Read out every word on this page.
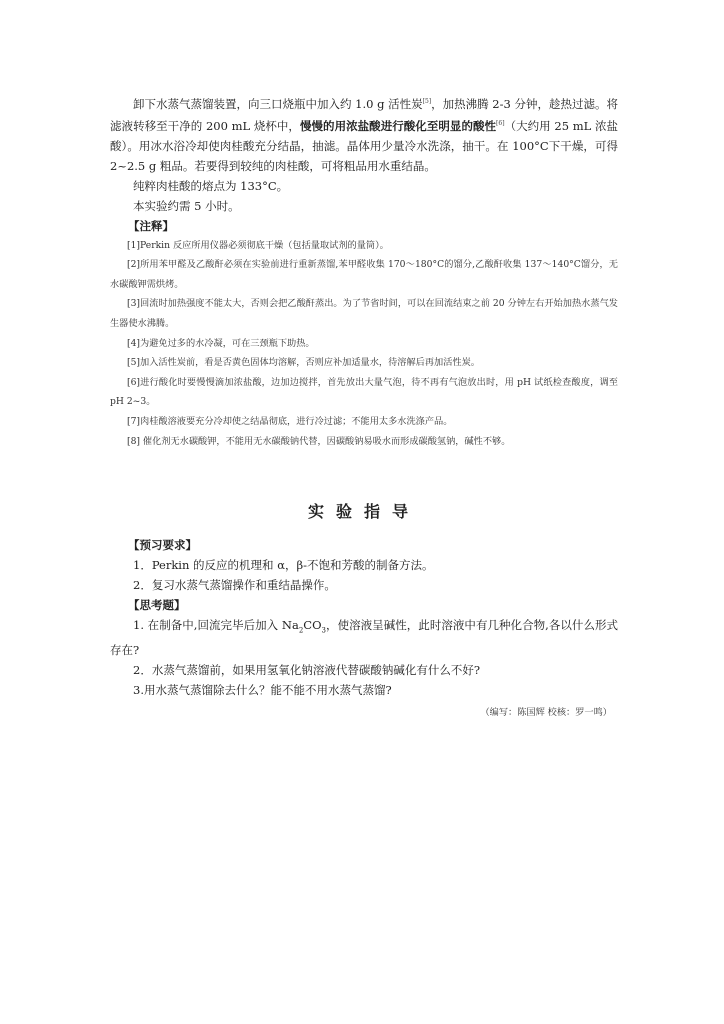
卸下水蒸气蒸馏装置，向三口烧瓶中加入约 1.0 g 活性炭[5]，加热沸腾 2-3 分钟，趁热过滤。将滤液转移至干净的 200 mL 烧杯中，慢慢的用浓盐酸进行酸化至明显的酸性[6]（大约用 25 mL 浓盐酸）。用冰水浴冷却使肉桂酸充分结晶，抽滤。晶体用少量冷水洗涤，抽干。在 100°C下干燥，可得 2~2.5 g 粗品。若要得到较纯的肉桂酸，可将粗品用水重结晶。

纯粹肉桂酸的熔点为 133°C。

本实验约需 5 小时。

【注释】

[1]Perkin 反应所用仪器必须彻底干燥（包括量取试剂的量筒）。

[2]所用苯甲醛及乙酸酐必须在实验前进行重新蒸馏,苯甲醛收集 170～180°C的馏分,乙酸酐收集 137～140°C馏分，无水碳酸钾需烘烤。

[3]回流时加热强度不能太大，否则会把乙酸酐蒸出。为了节省时间，可以在回流结束之前 20 分钟左右开始加热水蒸气发生器使水沸腾。

[4]为避免过多的水冷凝，可在三颈瓶下助热。

[5]加入活性炭前，看是否黄色固体均溶解，否则应补加适量水，待溶解后再加活性炭。

[6]进行酸化时要慢慢滴加浓盐酸，边加边搅拌，首先放出大量气泡，待不再有气泡放出时，用 pH 试纸检查酸度，调至 pH 2~3。

[7]肉桂酸溶液要充分冷却使之结晶彻底，进行冷过滤；不能用太多水洗涤产品。

[8] 催化剂无水碳酸钾，不能用无水碳酸钠代替，因碳酸钠易吸水而形成碳酸氢钠，碱性不够。

实验指导

【预习要求】

1．Perkin 的反应的机理和 α，β-不饱和芳酸的制备方法。

2．复习水蒸气蒸馏操作和重结晶操作。

【思考题】

1. 在制备中,回流完毕后加入 $Na_2CO_3$，使溶液呈碱性，此时溶液中有几种化合物,各以什么形式存在?

2．水蒸气蒸馏前，如果用氢氧化钠溶液代替碳酸钠碱化有什么不好?

3.用水蒸气蒸馏除去什么？能不能不用水蒸气蒸馏?

（编写：陈国辉 校核：罗一鸣）
